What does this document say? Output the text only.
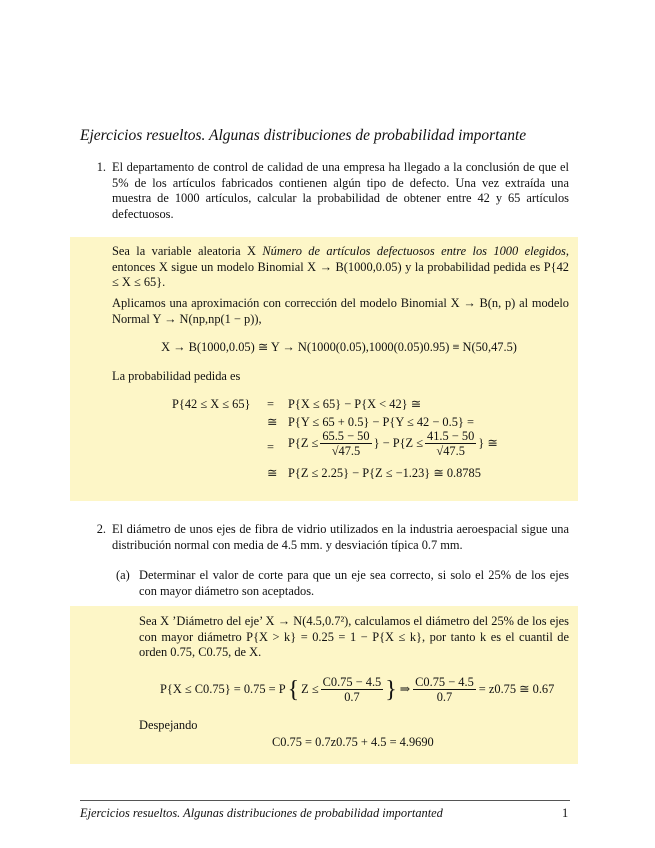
Ejercicios resueltos. Algunas distribuciones de probabilidad importante
1. El departamento de control de calidad de una empresa ha llegado a la conclusión de que el 5% de los artículos fabricados contienen algún tipo de defecto. Una vez extraída una muestra de 1000 artículos, calcular la probabilidad de obtener entre 42 y 65 artículos defectuosos.
Sea la variable aleatoria X Número de artículos defectuosos entre los 1000 elegidos, entonces X sigue un modelo Binomial X → B(1000,0.05) y la probabilidad pedida es P{42 ≤ X ≤ 65}.
Aplicamos una aproximación con corrección del modelo Binomial X → B(n, p) al modelo Normal Y → N(np,np(1 − p)),
X → B(1000,0.05) ≅ Y → N(1000(0.05),1000(0.05)0.95) ≡ N(50,47.5)
La probabilidad pedida es
P{42 ≤ X ≤ 65} = P{X ≤ 65} − P{X < 42} ≅
≅ P{Y ≤ 65 + 0.5} − P{Y ≤ 42 − 0.5} =
= $P\{Z \le \frac{65.5 - 50}{√47.5}$ } − $P\{Z \le \frac{41.5 - 50}{√47.5}$ } ≅
≅ P{Z ≤ 2.25} − P{Z ≤ −1.23} ≅ 0.8785
2. El diámetro de unos ejes de fibra de vidrio utilizados en la industria aeroespacial sigue una distribución normal con media de 4.5 mm. y desviación típica 0.7 mm.
(a) Determinar el valor de corte para que un eje sea correcto, si solo el 25% de los ejes con mayor diámetro son aceptados.
Sea X ’Diámetro del eje’ X → N(4.5,0.7²), calculamos el diámetro del 25% de los ejes con mayor diámetro P{X > k} = 0.25 = 1 − P{X ≤ k}, por tanto k es el cuantil de orden 0.75, C0.75, de X.
P{X ≤ C0.75} = 0.75 = P { $Z \le \frac{C0.75 - 4.5}{0.7}$ } ⇒ $\frac{C0.75 - 4.5}{0.7} = z0.75$ ≅ 0.67
Despejando
C0.75 = 0.7z0.75 + 4.5 = 4.9690
Ejercicios resueltos. Algunas distribuciones de probabilidad importanted	1
